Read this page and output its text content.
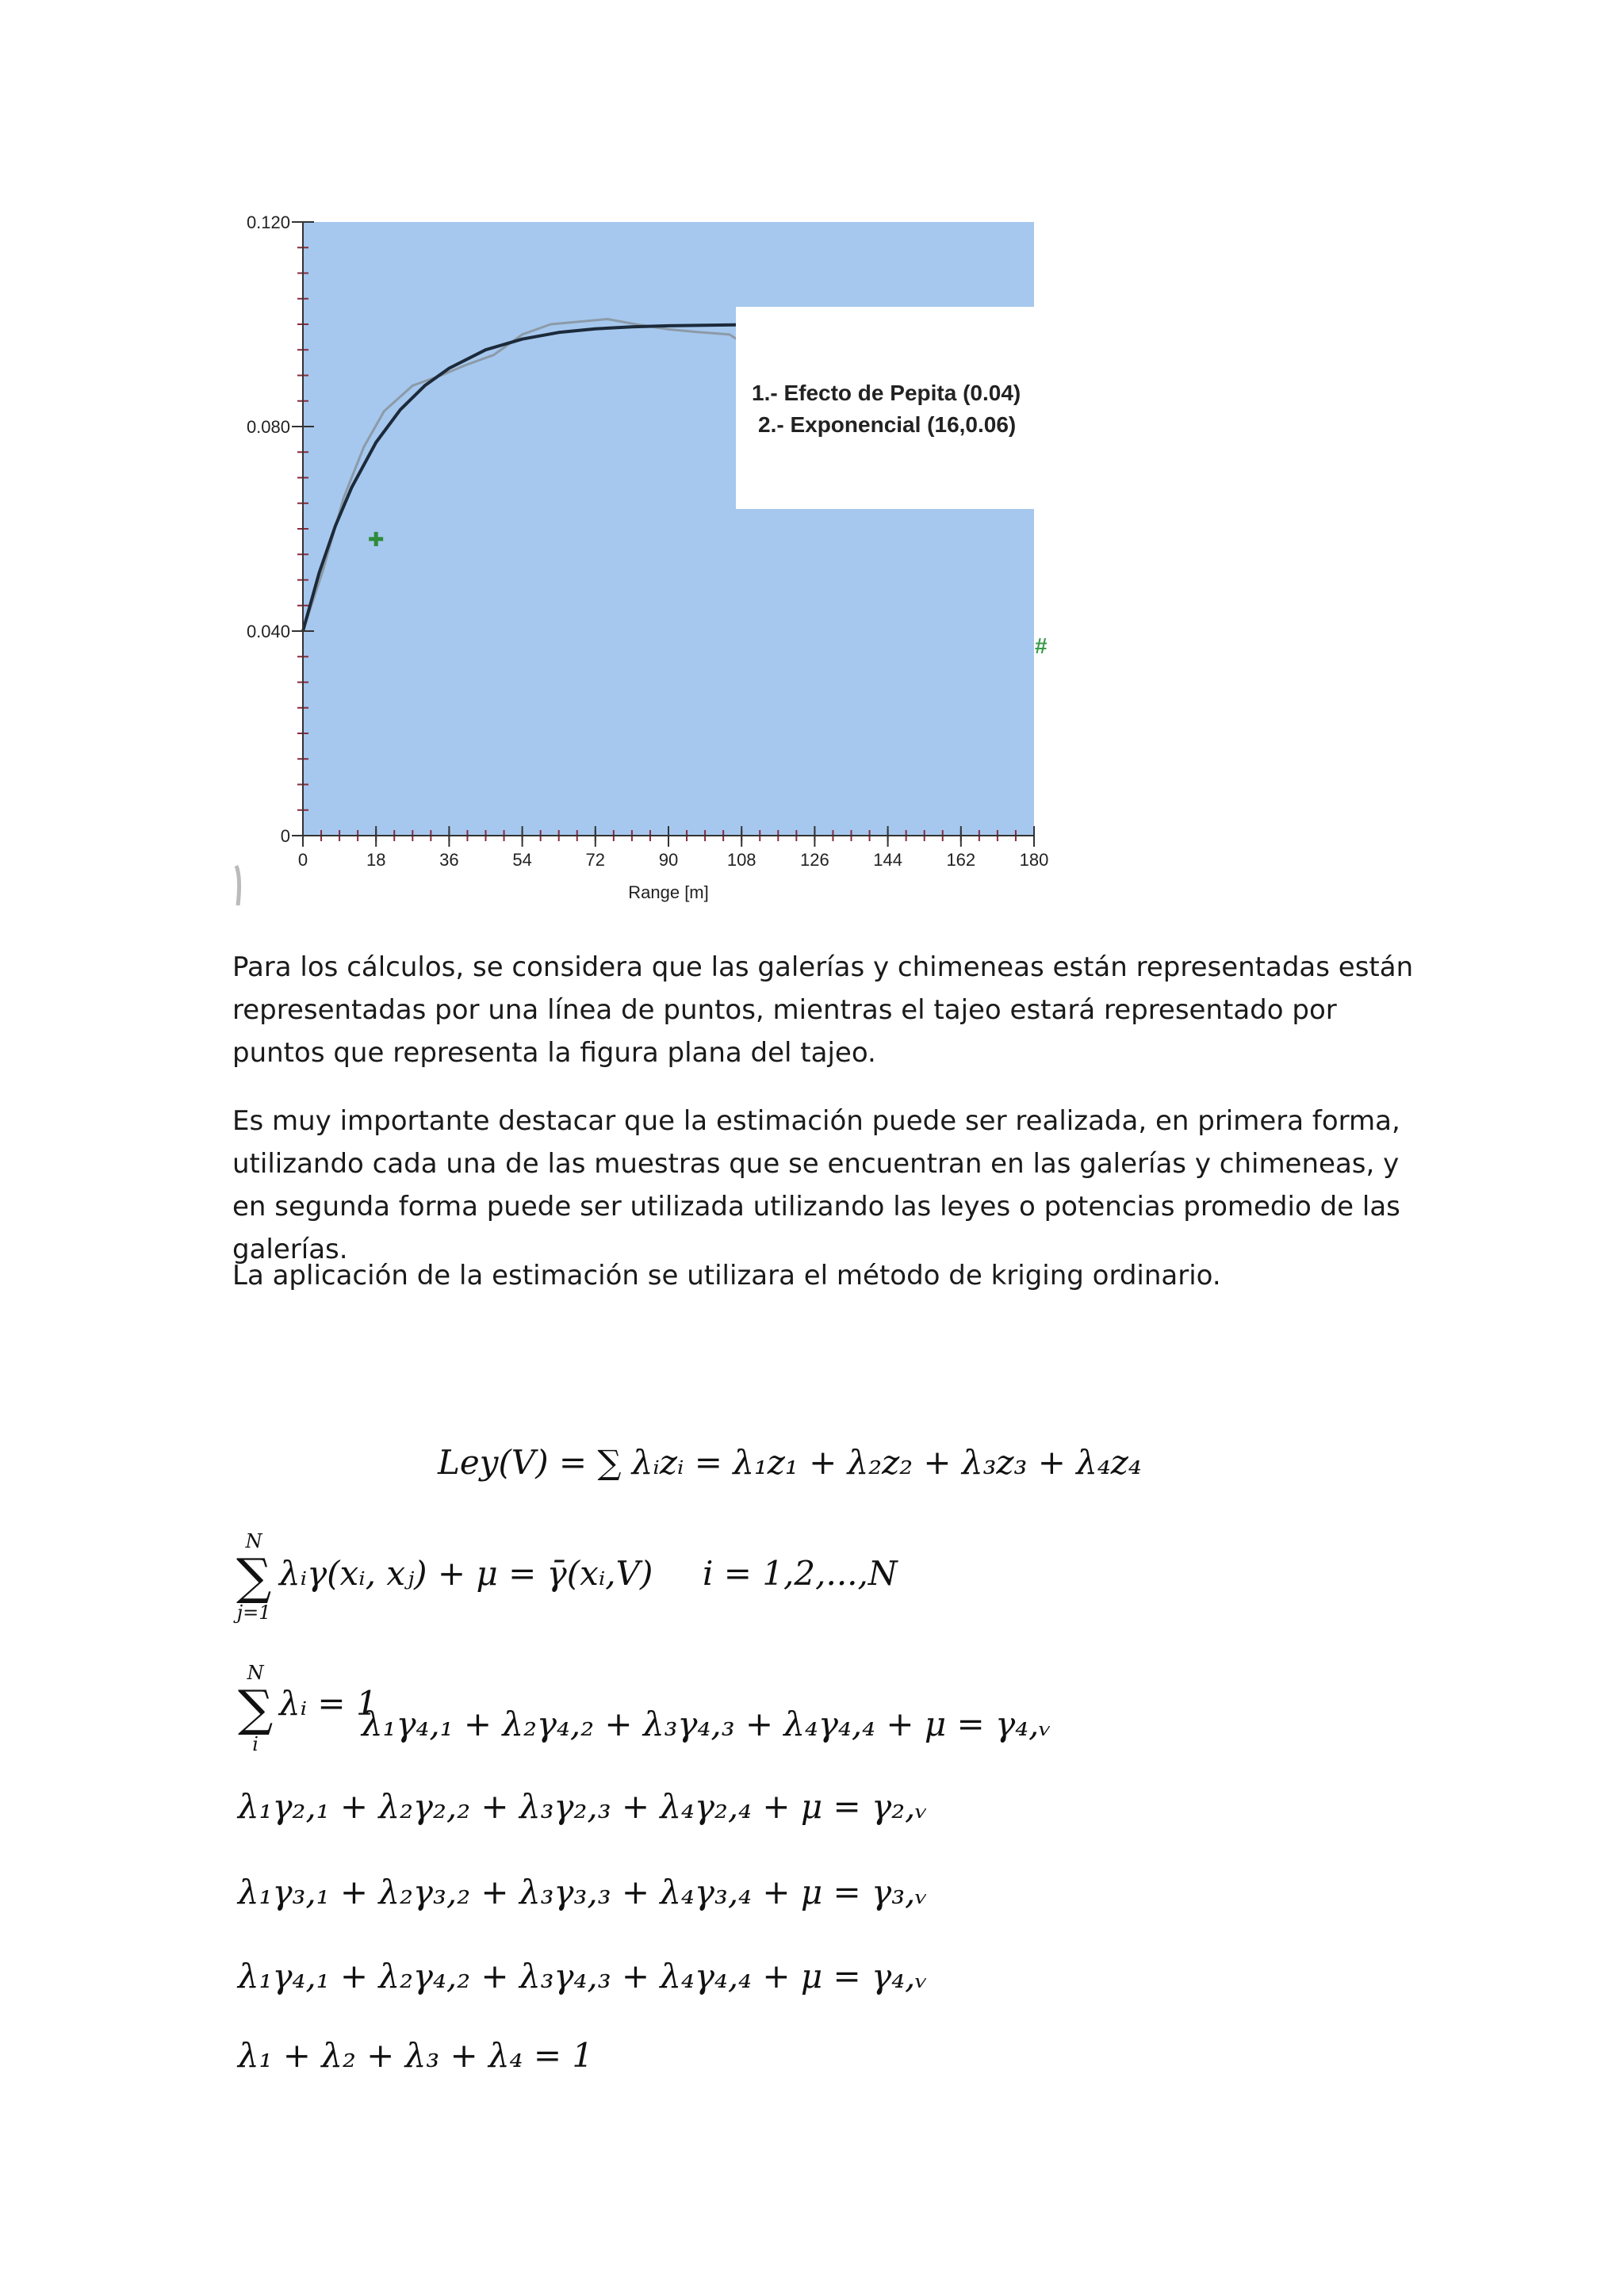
1.- Efecto de Pepita (0.04)
2.- Exponencial (16,0.06)
0
0.040
0.080
0.120
0	18	36	54	72	90	108	126	144	162	180
Range [m]
#

Para los cálculos, se considera que las galerías y chimeneas están representadas están representadas por una línea de puntos, mientras el tajeo estará representado por puntos que representa la figura plana del tajeo.

Es muy importante destacar que la estimación puede ser realizada, en primera forma, utilizando cada una de las muestras que se encuentran en las galerías y chimeneas, y en segunda forma puede ser utilizada utilizando las leyes o potencias promedio de las galerías.

La aplicación de la estimación se utilizara el método de kriging ordinario.

Ley(V) = ∑ λᵢzᵢ = λ₁z₁ + λ₂z₂ + λ₃z₃ + λ₄z₄
N
∑
j=1
λᵢγ(xᵢ, xⱼ) + μ = γ̄(xᵢ,V) i = 1,2,...,N
N
∑
i
λᵢ = 1
λ₁γ₄,₁ + λ₂γ₄,₂ + λ₃γ₄,₃ + λ₄γ₄,₄ + μ = γ₄,ᵥ
λ₁γ₂,₁ + λ₂γ₂,₂ + λ₃γ₂,₃ + λ₄γ₂,₄ + μ = γ₂,ᵥ
λ₁γ₃,₁ + λ₂γ₃,₂ + λ₃γ₃,₃ + λ₄γ₃,₄ + μ = γ₃,ᵥ
λ₁γ₄,₁ + λ₂γ₄,₂ + λ₃γ₄,₃ + λ₄γ₄,₄ + μ = γ₄,ᵥ
λ₁ + λ₂ + λ₃ + λ₄ = 1
